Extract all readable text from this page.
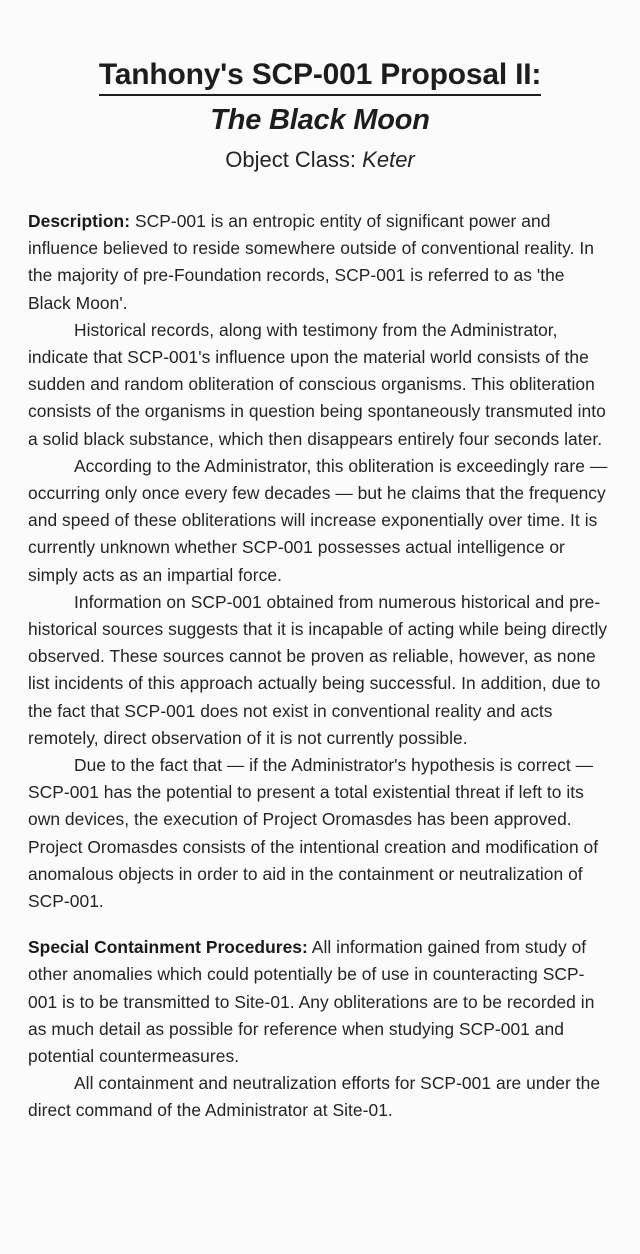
Tanhony's SCP-001 Proposal II:
The Black Moon
Object Class: Keter

Description: SCP-001 is an entropic entity of significant power and influence believed to reside somewhere outside of conventional reality. In the majority of pre-Foundation records, SCP-001 is referred to as 'the Black Moon'.

Historical records, along with testimony from the Administrator, indicate that SCP-001's influence upon the material world consists of the sudden and random obliteration of conscious organisms. This obliteration consists of the organisms in question being spontaneously transmuted into a solid black substance, which then disappears entirely four seconds later.

According to the Administrator, this obliteration is exceedingly rare — occurring only once every few decades — but he claims that the frequency and speed of these obliterations will increase exponentially over time. It is currently unknown whether SCP-001 possesses actual intelligence or simply acts as an impartial force.

Information on SCP-001 obtained from numerous historical and pre-historical sources suggests that it is incapable of acting while being directly observed. These sources cannot be proven as reliable, however, as none list incidents of this approach actually being successful. In addition, due to the fact that SCP-001 does not exist in conventional reality and acts remotely, direct observation of it is not currently possible.

Due to the fact that — if the Administrator's hypothesis is correct — SCP-001 has the potential to present a total existential threat if left to its own devices, the execution of Project Oromasdes has been approved. Project Oromasdes consists of the intentional creation and modification of anomalous objects in order to aid in the containment or neutralization of SCP-001.

Special Containment Procedures: All information gained from study of other anomalies which could potentially be of use in counteracting SCP-001 is to be transmitted to Site-01. Any obliterations are to be recorded in as much detail as possible for reference when studying SCP-001 and potential countermeasures.

All containment and neutralization efforts for SCP-001 are under the direct command of the Administrator at Site-01.
